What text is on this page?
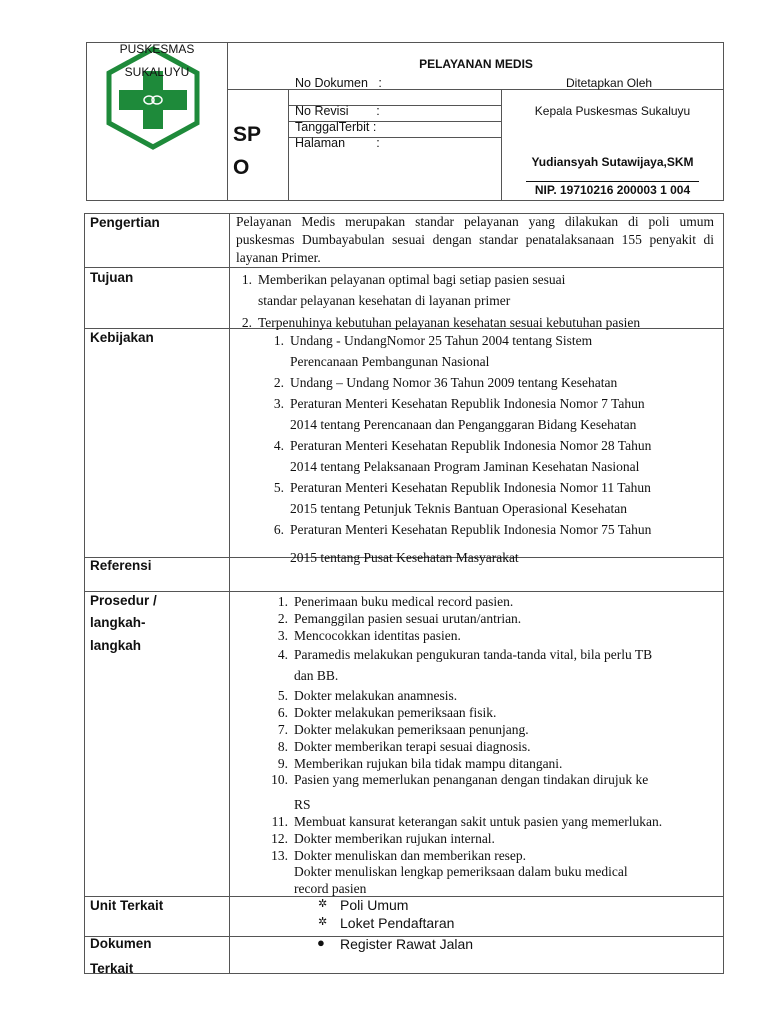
PUSKESMAS
SUKALUYU
PELAYANAN MEDIS
No Dokumen   :	Ditetapkan Oleh
SP
O
No Revisi        :
TanggalTerbit :
Halaman         :
Kepala Puskesmas Sukaluyu
Yudiansyah Sutawijaya,SKM
NIP. 19710216 200003 1 004
Pengertian	Pelayanan Medis merupakan standar pelayanan yang dilakukan di poli umum puskesmas Dumbayabulan sesuai dengan standar penatalaksanaan 155 penyakit di layanan Primer.
Tujuan	1. Memberikan pelayanan optimal bagi setiap pasien sesuai
standar pelayanan kesehatan di layanan primer
2. Terpenuhinya kebutuhan pelayanan kesehatan sesuai kebutuhan pasien
Kebijakan	1. Undang - UndangNomor 25 Tahun 2004 tentang Sistem
Perencanaan Pembangunan Nasional
2. Undang – Undang Nomor 36 Tahun 2009 tentang Kesehatan
3. Peraturan Menteri Kesehatan Republik Indonesia Nomor 7 Tahun
2014 tentang Perencanaan dan Penganggaran Bidang Kesehatan
4. Peraturan Menteri Kesehatan Republik Indonesia Nomor 28 Tahun
2014 tentang Pelaksanaan Program Jaminan Kesehatan Nasional
5. Peraturan Menteri Kesehatan Republik Indonesia Nomor 11 Tahun
2015 tentang Petunjuk Teknis Bantuan Operasional Kesehatan
6. Peraturan Menteri Kesehatan Republik Indonesia Nomor 75 Tahun
2015 tentang Pusat Kesehatan Masyarakat
Referensi
Prosedur /
langkah-
langkah
1. Penerimaan buku medical record pasien.
2. Pemanggilan pasien sesuai urutan/antrian.
3. Mencocokkan identitas pasien.
4. Paramedis melakukan pengukuran tanda-tanda vital, bila perlu TB
dan BB.
5. Dokter melakukan anamnesis.
6. Dokter melakukan pemeriksaan fisik.
7. Dokter melakukan pemeriksaan penunjang.
8. Dokter memberikan terapi sesuai diagnosis.
9. Memberikan rujukan bila tidak mampu ditangani.
10. Pasien yang memerlukan penanganan dengan tindakan dirujuk ke
RS
11. Membuat kansurat keterangan sakit untuk pasien yang memerlukan.
12. Dokter memberikan rujukan internal.
13. Dokter menuliskan dan memberikan resep.
Dokter menuliskan lengkap pemeriksaan dalam buku medical
record pasien
Unit Terkait	✲ Poli Umum
✲ Loket Pendaftaran
Dokumen
Terkait
● Register Rawat Jalan
